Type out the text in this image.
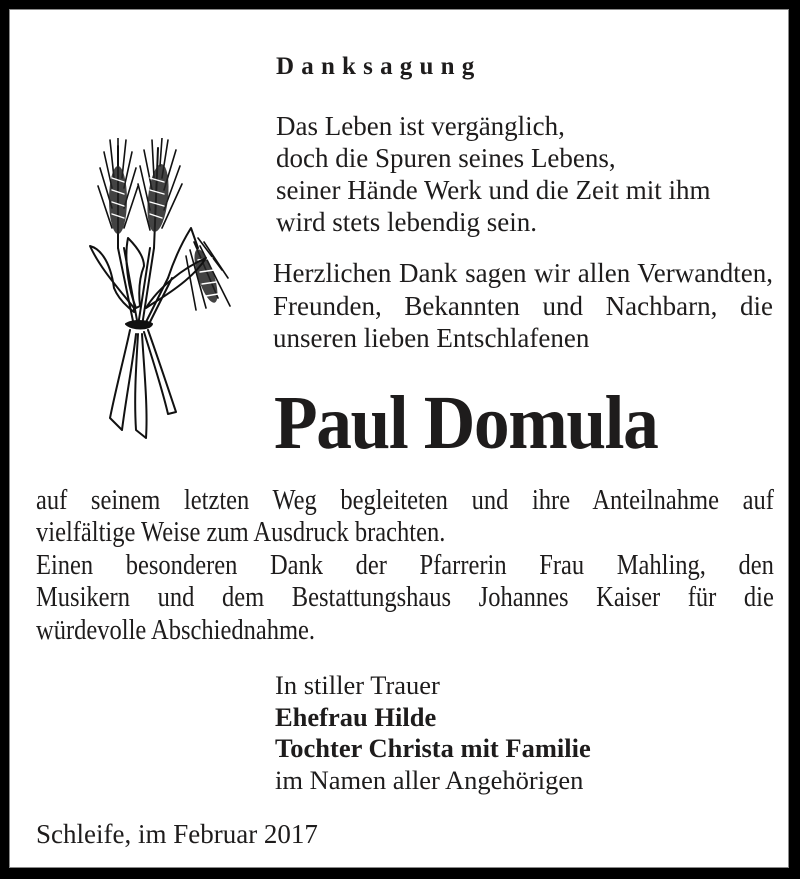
Danksagung
Das Leben ist vergänglich,
doch die Spuren seines Lebens,
seiner Hände Werk und die Zeit mit ihm
wird stets lebendig sein.
Herzlichen Dank sagen wir allen Verwandten,
Freunden, Bekannten und Nachbarn, die
unseren lieben Entschlafenen
Paul Domula
auf seinem letzten Weg begleiteten und ihre Anteilnahme auf
vielfältige Weise zum Ausdruck brachten.
Einen besonderen Dank der Pfarrerin Frau Mahling, den
Musikern und dem Bestattungshaus Johannes Kaiser für die
würdevolle Abschiednahme.
In stiller Trauer
Ehefrau Hilde
Tochter Christa mit Familie
im Namen aller Angehörigen
Schleife, im Februar 2017
